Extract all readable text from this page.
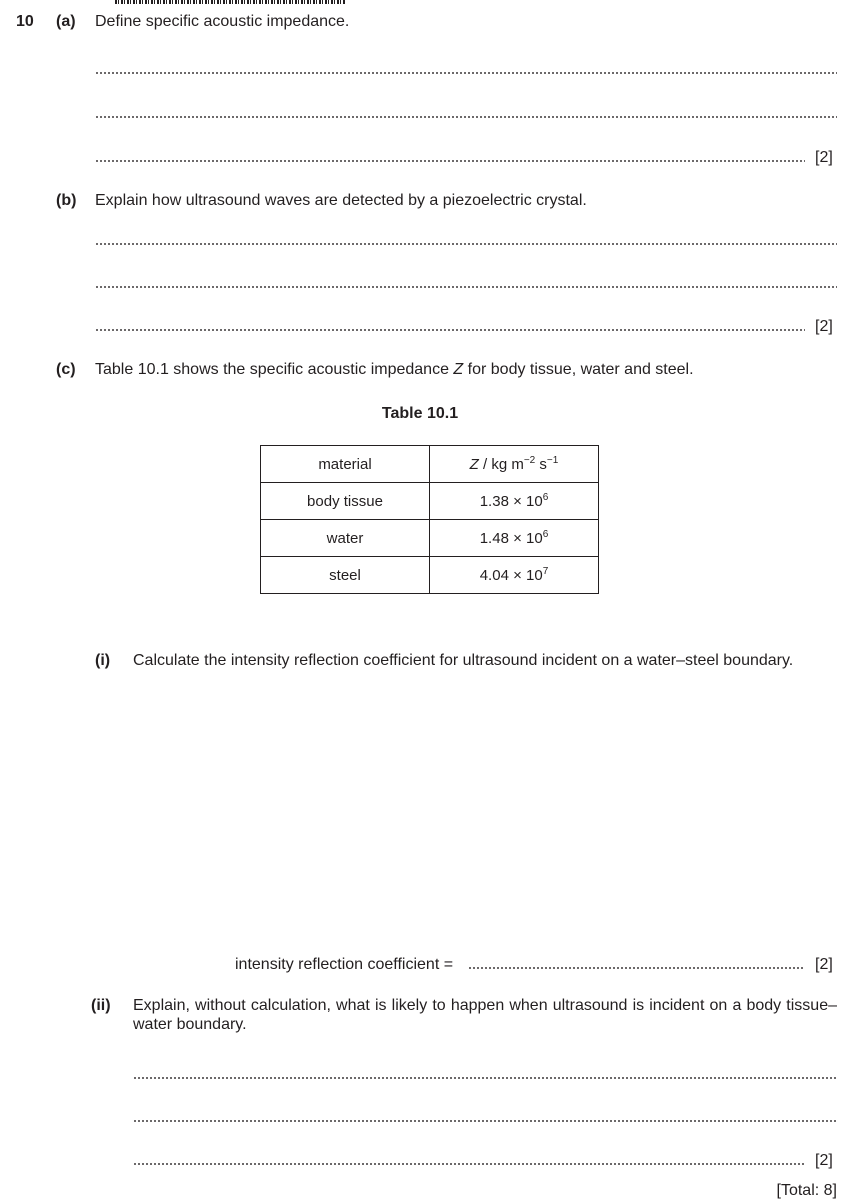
10 (a) Define specific acoustic impedance.
[2]
(b) Explain how ultrasound waves are detected by a piezoelectric crystal.
[2]
(c) Table 10.1 shows the specific acoustic impedance Z for body tissue, water and steel.
Table 10.1
material	Z / kg $m^{-2}$ $s^{-1}$
body tissue	$1.38 \times 10^6$
water	$1.48 \times 10^6$
steel	$4.04 \times 10^7$
(i) Calculate the intensity reflection coefficient for ultrasound incident on a water–steel boundary.
intensity reflection coefficient =	[2]
(ii) Explain, without calculation, what is likely to happen when ultrasound is incident on a body tissue–water boundary.
[2]
[Total: 8]
